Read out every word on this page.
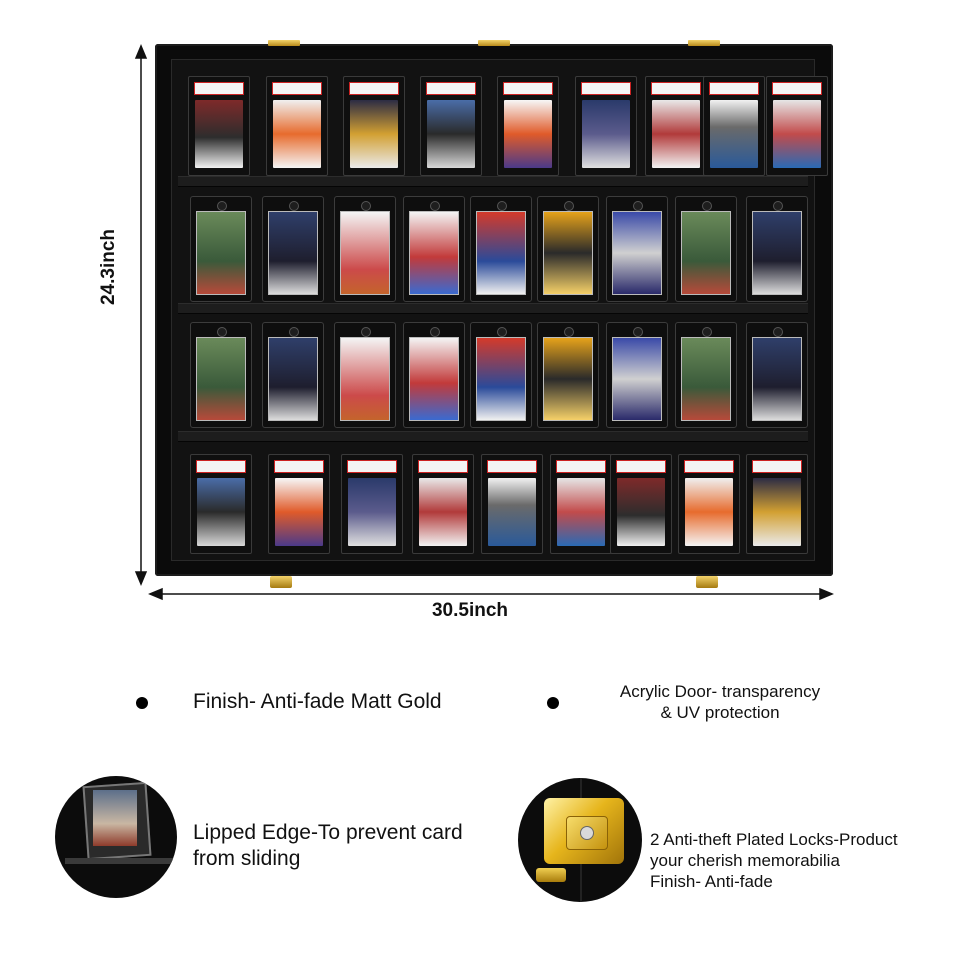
24.3inch
30.5inch
Finish- Anti-fade Matt Gold	Acrylic Door- transparency
& UV protection
Lipped Edge-To prevent card
from sliding
2 Anti-theft Plated Locks-Product
your cherish memorabilia
Finish- Anti-fade
